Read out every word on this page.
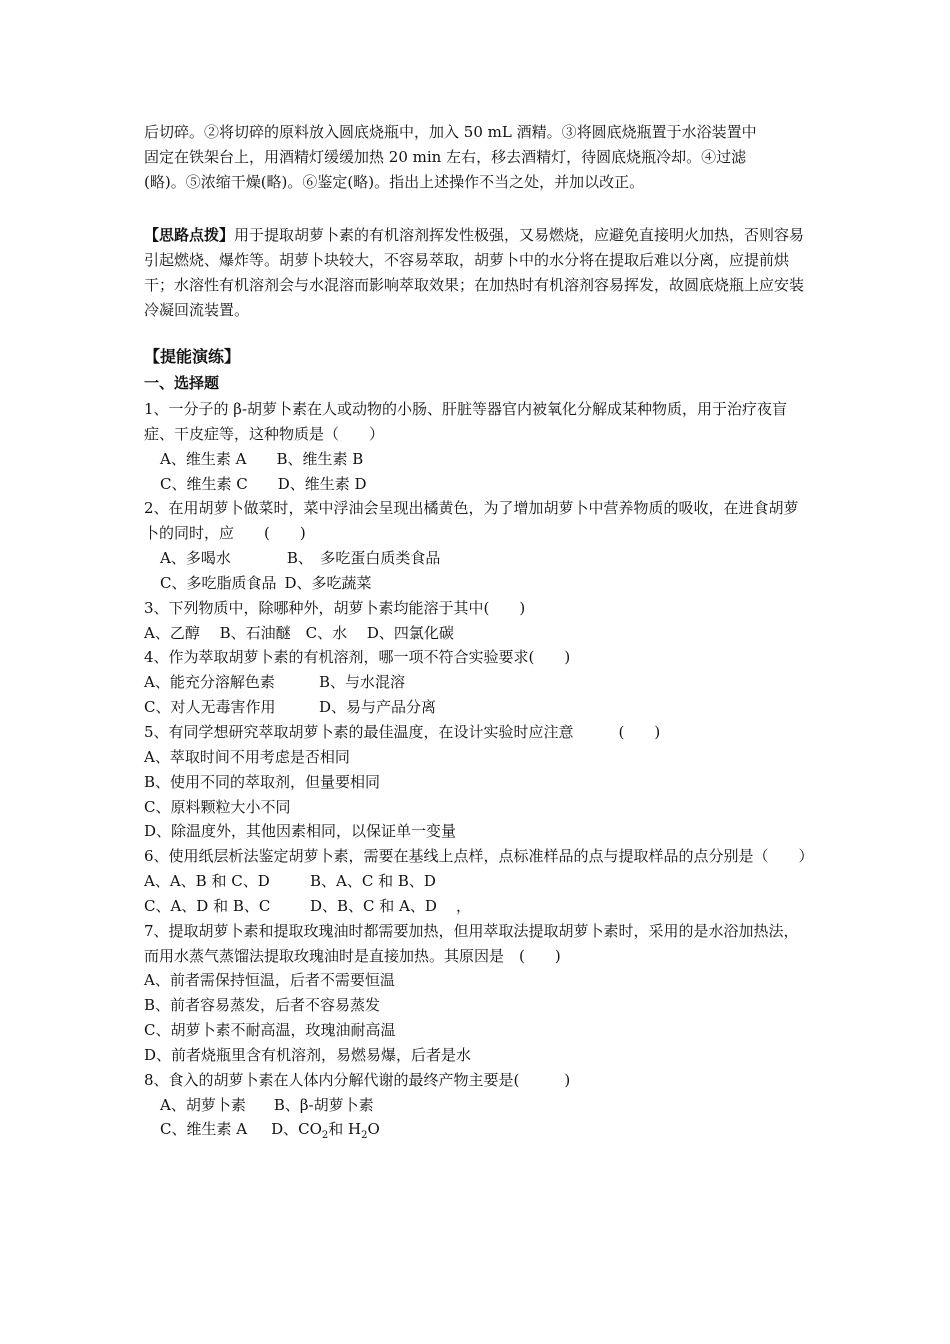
后切碎。②将切碎的原料放入圆底烧瓶中，加入 50 mL 酒精。③将圆底烧瓶置于水浴装置中

固定在铁架台上，用酒精灯缓缓加热 20 min 左右，移去酒精灯，待圆底烧瓶冷却。④过滤

(略)。⑤浓缩干燥(略)。⑥鉴定(略)。指出上述操作不当之处，并加以改正。

【思路点拨】用于提取胡萝卜素的有机溶剂挥发性极强，又易燃烧，应避免直接明火加热，否则容易引起燃烧、爆炸等。胡萝卜块较大，不容易萃取，胡萝卜中的水分将在提取后难以分离，应提前烘干；水溶性有机溶剂会与水混溶而影响萃取效果；在加热时有机溶剂容易挥发，故圆底烧瓶上应安装冷凝回流装置。

【提能演练】
一、选择题
1、一分子的 β-胡萝卜素在人或动物的小肠、肝脏等器官内被氧化分解成某种物质，用于治疗夜盲症、干皮症等，这种物质是（　　）
A、维生素 A B、维生素 B
C、维生素 C D、维生素 D
2、在用胡萝卜做菜时，菜中浮油会呈现出橘黄色，为了增加胡萝卜中营养物质的吸收，在进食胡萝卜的同时，应　　(　　)
A、多喝水	B、　多吃蛋白质类食品
C、多吃脂质食品 D、多吃蔬菜
3、下列物质中，除哪种外，胡萝卜素均能溶于其中(　　)
A、乙醇　 B、石油醚　C、水　 D、四氯化碳
4、作为萃取胡萝卜素的有机溶剂，哪一项不符合实验要求(　　)
A、能充分溶解色素	B、与水混溶
C、对人无毒害作用	D、易与产品分离
5、有同学想研究萃取胡萝卜素的最佳温度，在设计实验时应注意　　　(　　)
A、萃取时间不用考虑是否相同
B、使用不同的萃取剂，但量要相同
C、原料颗粒大小不同
D、除温度外，其他因素相同，以保证单一变量
6、使用纸层析法鉴定胡萝卜素，需要在基线上点样，点标准样品的点与提取样品的点分别是（　　）
A、A、B 和 C、D	B、A、C 和 B、D
C、A、D 和 B、C	D、B、C 和 A、D ，
7、提取胡萝卜素和提取玫瑰油时都需要加热，但用萃取法提取胡萝卜素时，采用的是水浴加热法，而用水蒸气蒸馏法提取玫瑰油时是直接加热。其原因是　(　　)
A、前者需保持恒温，后者不需要恒温
B、前者容易蒸发，后者不容易蒸发
C、胡萝卜素不耐高温，玫瑰油耐高温
D、前者烧瓶里含有机溶剂，易燃易爆，后者是水
8、食入的胡萝卜素在人体内分解代谢的最终产物主要是(　　　)
A、胡萝卜素 B、β-胡萝卜素
C、维生素 A D、$CO_2$和 $H_2O$
